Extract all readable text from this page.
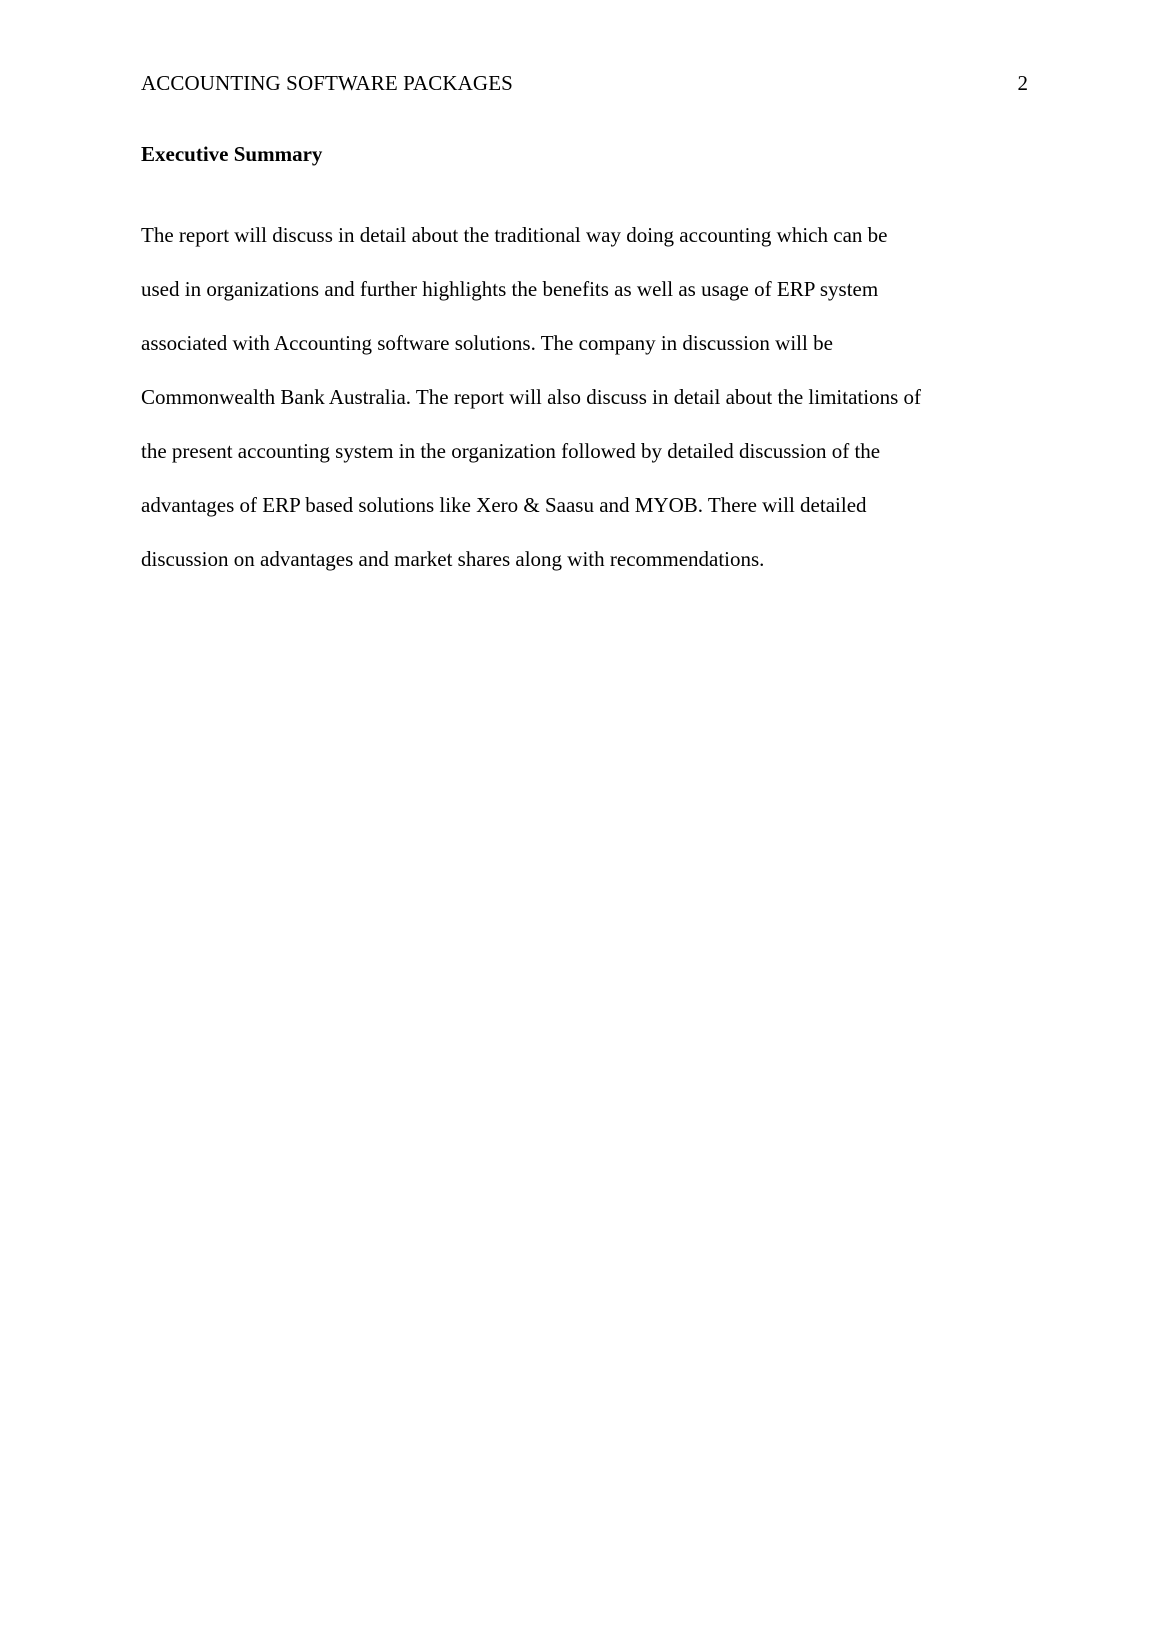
ACCOUNTING SOFTWARE PACKAGES	2
Executive Summary
The report will discuss in detail about the traditional way doing accounting which can be
used in organizations and further highlights the benefits as well as usage of ERP system
associated with Accounting software solutions. The company in discussion will be
Commonwealth Bank Australia. The report will also discuss in detail about the limitations of
the present accounting system in the organization followed by detailed discussion of the
advantages of ERP based solutions like Xero & Saasu and MYOB. There will detailed
discussion on advantages and market shares along with recommendations.
